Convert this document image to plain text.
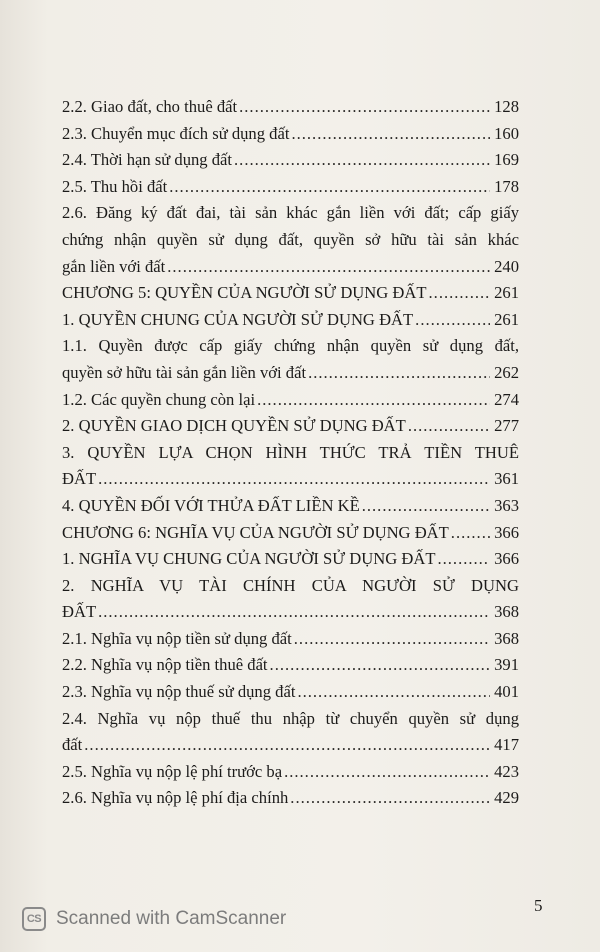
2.2. Giao đất, cho thuê đất .....	128
2.3. Chuyển mục đích sử dụng đất .....	160
2.4. Thời hạn sử dụng đất .....	169
2.5. Thu hồi đất .....	178
2.6. Đăng ký đất đai, tài sản khác gắn liền với đất; cấp giấy
chứng nhận quyền sử dụng đất, quyền sở hữu tài sản khác
gắn liền với đất .....	240
CHƯƠNG 5: QUYỀN CỦA NGƯỜI SỬ DỤNG ĐẤT .....	261
1. QUYỀN CHUNG CỦA NGƯỜI SỬ DỤNG ĐẤT .....	261
1.1. Quyền được cấp giấy chứng nhận quyền sử dụng đất,
quyền sở hữu tài sản gắn liền với đất .....	262
1.2. Các quyền chung còn lại .....	274
2. QUYỀN GIAO DỊCH QUYỀN SỬ DỤNG ĐẤT .....	277
3. QUYỀN LỰA CHỌN HÌNH THỨC TRẢ TIỀN THUÊ
ĐẤT .....	361
4. QUYỀN ĐỐI VỚI THỬA ĐẤT LIỀN KỀ .....	363
CHƯƠNG 6: NGHĨA VỤ CỦA NGƯỜI SỬ DỤNG ĐẤT .....	366
1. NGHĨA VỤ CHUNG CỦA NGƯỜI SỬ DỤNG ĐẤT .....	366
2. NGHĨA VỤ TÀI CHÍNH CỦA NGƯỜI SỬ DỤNG
ĐẤT .....	368
2.1. Nghĩa vụ nộp tiền sử dụng đất .....	368
2.2. Nghĩa vụ nộp tiền thuê đất .....	391
2.3. Nghĩa vụ nộp thuế sử dụng đất .....	401
2.4. Nghĩa vụ nộp thuế thu nhập từ chuyển quyền sử dụng
đất .....	417
2.5. Nghĩa vụ nộp lệ phí trước bạ .....	423
2.6. Nghĩa vụ nộp lệ phí địa chính .....	429
CS Scanned with CamScanner
5
